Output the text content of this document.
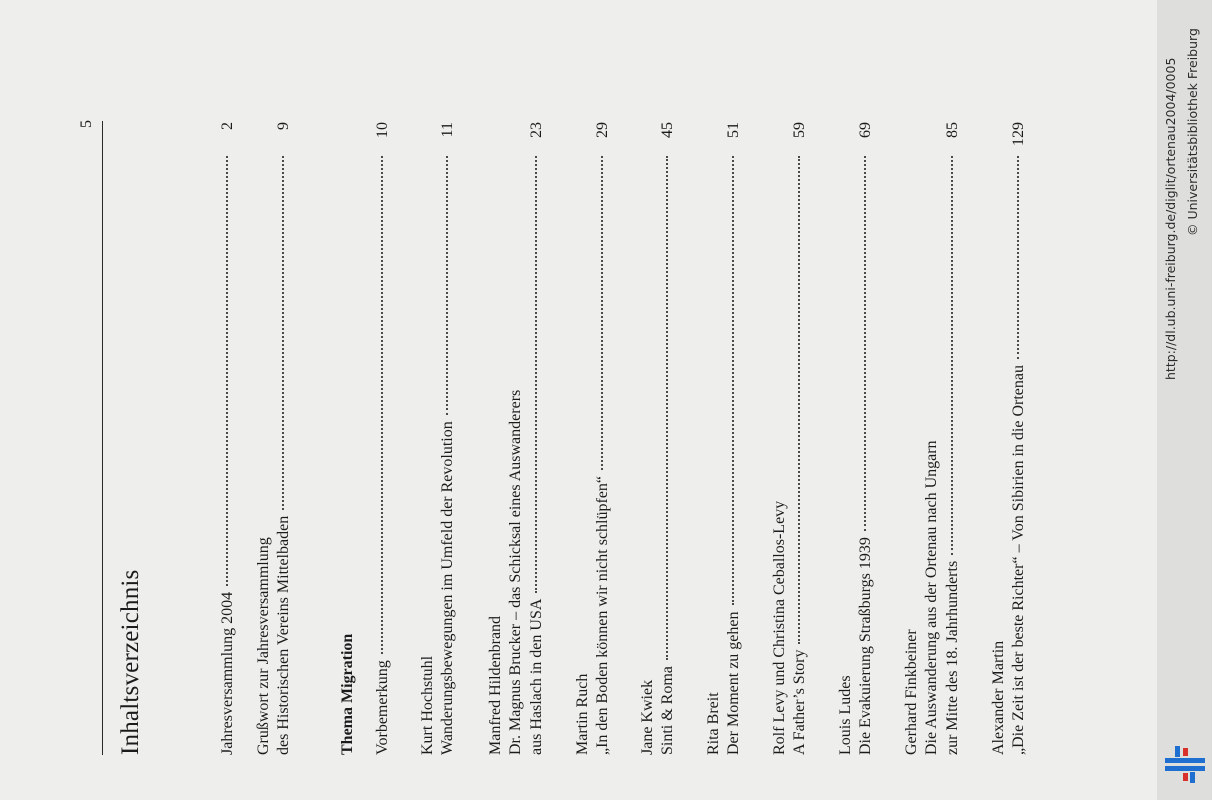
5
Inhaltsverzeichnis	Jahresversammlung 2004
2
Grußwort zur Jahresversammlung des Historischen Vereins Mittelbaden
9
Thema Migration Vorbemerkung
10
Kurt Hochstuhl Wanderungsbewegungen im Umfeld der Revolution
11
Manfred Hildenbrand Dr. Magnus Brucker – das Schicksal eines Auswanderers aus Haslach in den USA
23
Martin Ruch „In den Boden können wir nicht schlüpfen“
29
Jane Kwiek Sinti & Roma
45
Rita Breit Der Moment zu gehen
51
Rolf Levy und Christina Ceballos-Levy A Father’s Story
59
Louis Ludes Die Evakuierung Straßburgs 1939
69
Gerhard Finkbeiner Die Auswanderung aus der Ortenau nach Ungarn zur Mitte des 18. Jahrhunderts
85
Alexander Martin „Die Zeit ist der beste Richter“ – Von Sibirien in die Ortenau
129	http://dl.ub.uni-freiburg.de/diglit/ortenau2004/0005 © Universitätsbibliothek Freiburg
